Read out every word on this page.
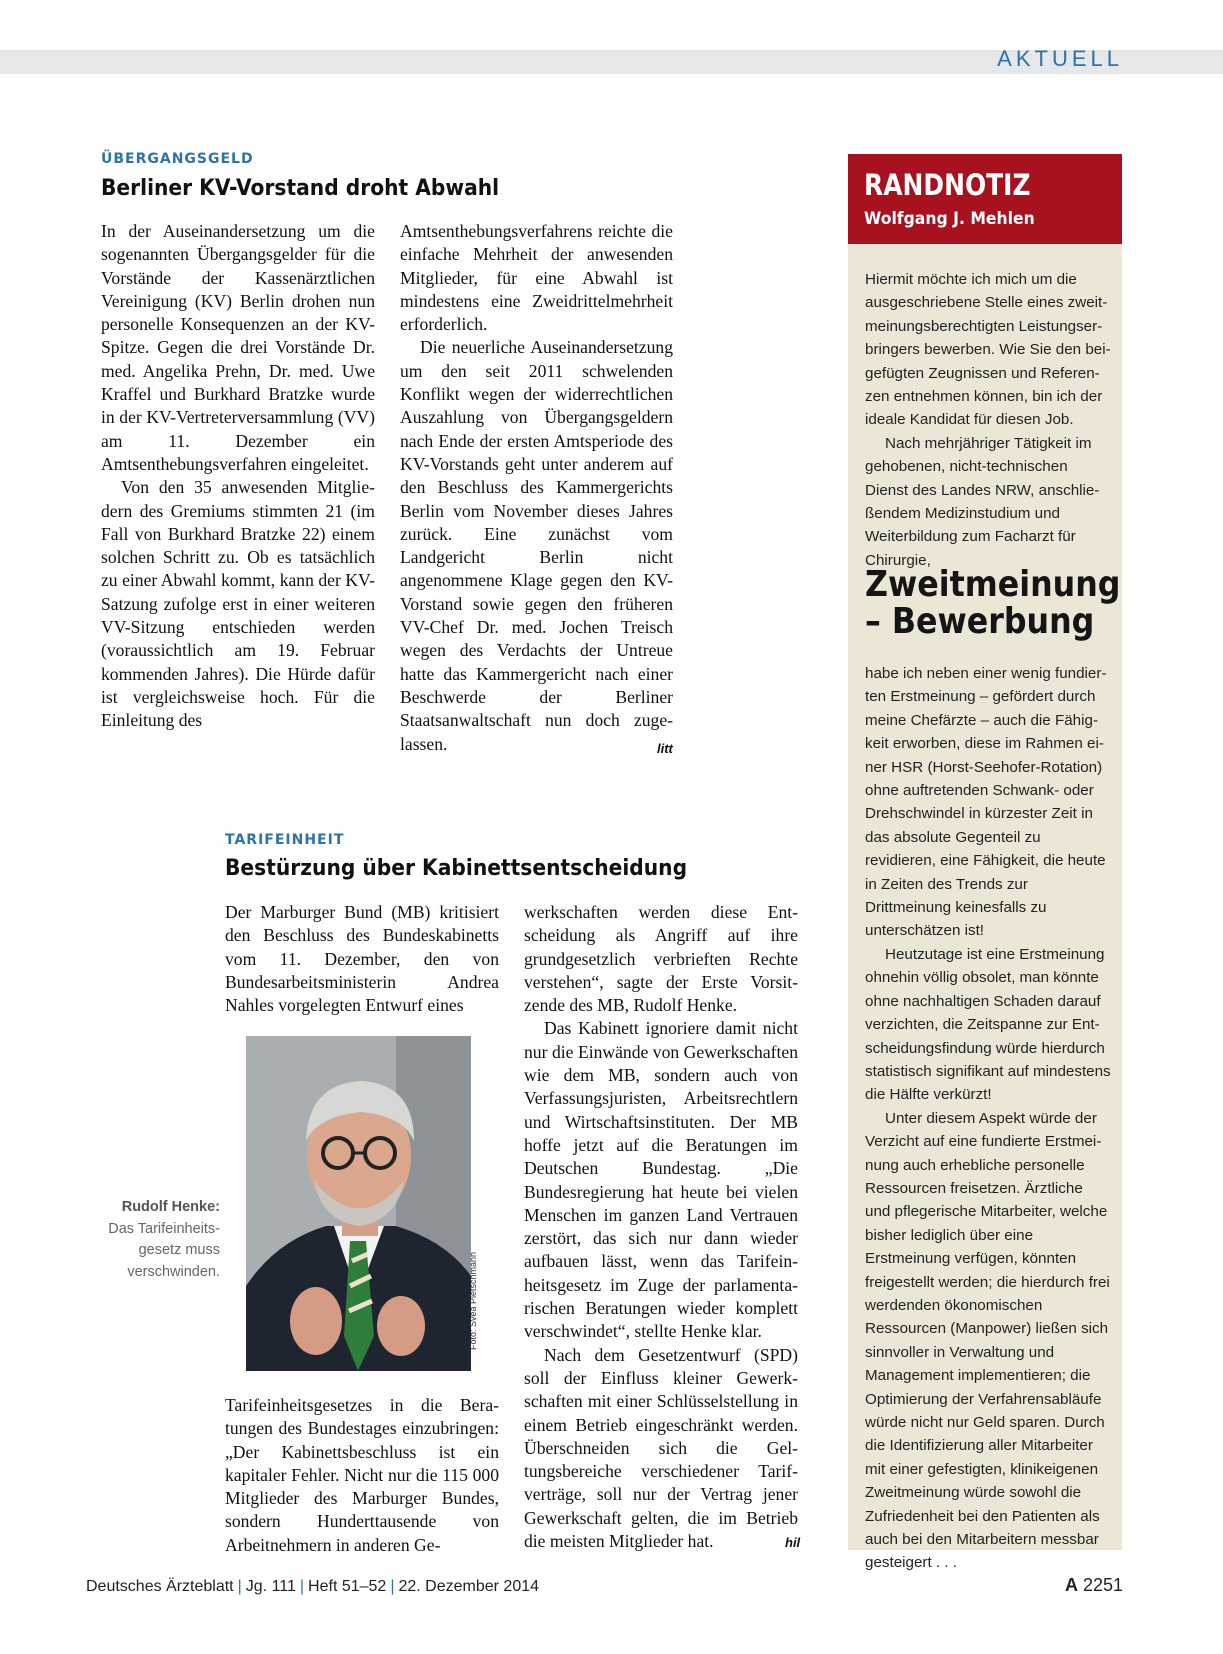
AKTUELL
ÜBERGANGSGELD
Berliner KV-Vorstand droht Abwahl

In der Auseinandersetzung um die sogenannten Übergangsgelder für die Vorstände der Kassenärztlichen Vereinigung (KV) Berlin drohen nun personelle Konsequenzen an der KV-Spitze. Gegen die drei Vorstände Dr. med. Angelika Prehn, Dr. med. Uwe Kraffel und Burkhard Bratzke wurde in der KV-Vertreterversammlung (VV) am 11. Dezember ein Amtsenthebungsverfahren eingeleitet.

Von den 35 anwesenden Mitgliedern des Gremiums stimmten 21 (im Fall von Burkhard Bratzke 22) einem solchen Schritt zu. Ob es tatsächlich zu einer Abwahl kommt, kann der KV-Satzung zufolge erst in einer weiteren VV-Sitzung entschieden werden (voraussichtlich am 19. Februar kommenden Jahres). Die Hürde dafür ist vergleichsweise hoch. Für die Einleitung des

Amtsenthebungsverfahrens reichte die einfache Mehrheit der anwesenden Mitglieder, für eine Abwahl ist mindestens eine Zweidrittelmehrheit erforderlich.

Die neuerliche Auseinandersetzung um den seit 2011 schwelenden Konflikt wegen der widerrechtlichen Auszahlung von Übergangsgeldern nach Ende der ersten Amtsperiode des KV-Vorstands geht unter anderem auf den Beschluss des Kammergerichts Berlin vom November dieses Jahres zurück. Eine zunächst vom Landgericht Berlin nicht angenommene Klage gegen den KV-Vorstand sowie gegen den früheren VV-Chef Dr. med. Jochen Treisch wegen des Verdachts der Untreue hatte das Kammergericht nach einer Beschwerde der Berliner Staatsanwaltschaft nun doch zugelassen.	litt
TARIFEINHEIT
Bestürzung über Kabinettsentscheidung

Der Marburger Bund (MB) kritisiert den Beschluss des Bundeskabinetts vom 11. Dezember, den von Bundesarbeitsministerin Andrea Nahles vorgelegten Entwurf eines

Foto: Svea Pietschmann
Rudolf Henke:
Das Tarifeinheitsgesetz muss verschwinden.

Tarifeinheitsgesetzes in die Beratungen des Bundestages einzubringen: „Der Kabinettsbeschluss ist ein kapitaler Fehler. Nicht nur die 115 000 Mitglieder des Marburger Bundes, sondern Hunderttausende von Arbeitnehmern in anderen Ge-

werkschaften werden diese Entscheidung als Angriff auf ihre grundgesetzlich verbrieften Rechte verstehen“, sagte der Erste Vorsitzende des MB, Rudolf Henke.

Das Kabinett ignoriere damit nicht nur die Einwände von Gewerkschaften wie dem MB, sondern auch von Verfassungsjuristen, Arbeitsrechtlern und Wirtschaftsinstituten. Der MB hoffe jetzt auf die Beratungen im Deutschen Bundestag. „Die Bundesregierung hat heute bei vielen Menschen im ganzen Land Vertrauen zerstört, das sich nur dann wieder aufbauen lässt, wenn das Tarifeinheitsgesetz im Zuge der parlamentarischen Beratungen wieder komplett verschwindet“, stellte Henke klar.

Nach dem Gesetzentwurf (SPD) soll der Einfluss kleiner Gewerkschaften mit einer Schlüsselstellung in einem Betrieb eingeschränkt werden. Überschneiden sich die Geltungsbereiche verschiedener Tarifverträge, soll nur der Vertrag jener Gewerkschaft gelten, die im Betrieb die meisten Mitglieder hat.	hil
RANDNOTIZ
Wolfgang J. Mehlen

Hiermit möchte ich mich um die ausgeschriebene Stelle eines zweitmeinungsberechtigten Leistungserbringers bewerben. Wie Sie den beigefügten Zeugnissen und Referenzen entnehmen können, bin ich der ideale Kandidat für diesen Job.

Nach mehrjähriger Tätigkeit im gehobenen, nicht-technischen Dienst des Landes NRW, anschließendem Medizinstudium und Weiterbildung zum Facharzt für Chirurgie,

Zweitmeinung
– Bewerbung

habe ich neben einer wenig fundierten Erstmeinung – gefördert durch meine Chefärzte – auch die Fähigkeit erworben, diese im Rahmen einer HSR (Horst-Seehofer-Rotation) ohne auftretenden Schwank- oder Drehschwindel in kürzester Zeit in das absolute Gegenteil zu revidieren, eine Fähigkeit, die heute in Zeiten des Trends zur Drittmeinung keinesfalls zu unterschätzen ist!

Heutzutage ist eine Erstmeinung ohnehin völlig obsolet, man könnte ohne nachhaltigen Schaden darauf verzichten, die Zeitspanne zur Entscheidungsfindung würde hierdurch statistisch signifikant auf mindestens die Hälfte verkürzt!

Unter diesem Aspekt würde der Verzicht auf eine fundierte Erstmeinung auch erhebliche personelle Ressourcen freisetzen. Ärztliche und pflegerische Mitarbeiter, welche bisher lediglich über eine Erstmeinung verfügen, könnten freigestellt werden; die hierdurch frei werdenden ökonomischen Ressourcen (Manpower) ließen sich sinnvoller in Verwaltung und Management implementieren; die Optimierung der Verfahrensabläufe würde nicht nur Geld sparen. Durch die Identifizierung aller Mitarbeiter mit einer gefestigten, klinikeigenen Zweitmeinung würde sowohl die Zufriedenheit bei den Patienten als auch bei den Mitarbeitern messbar gesteigert . . .

Deutsches Ärzteblatt | Jg. 111 | Heft 51–52 | 22. Dezember 2014	A 2251
